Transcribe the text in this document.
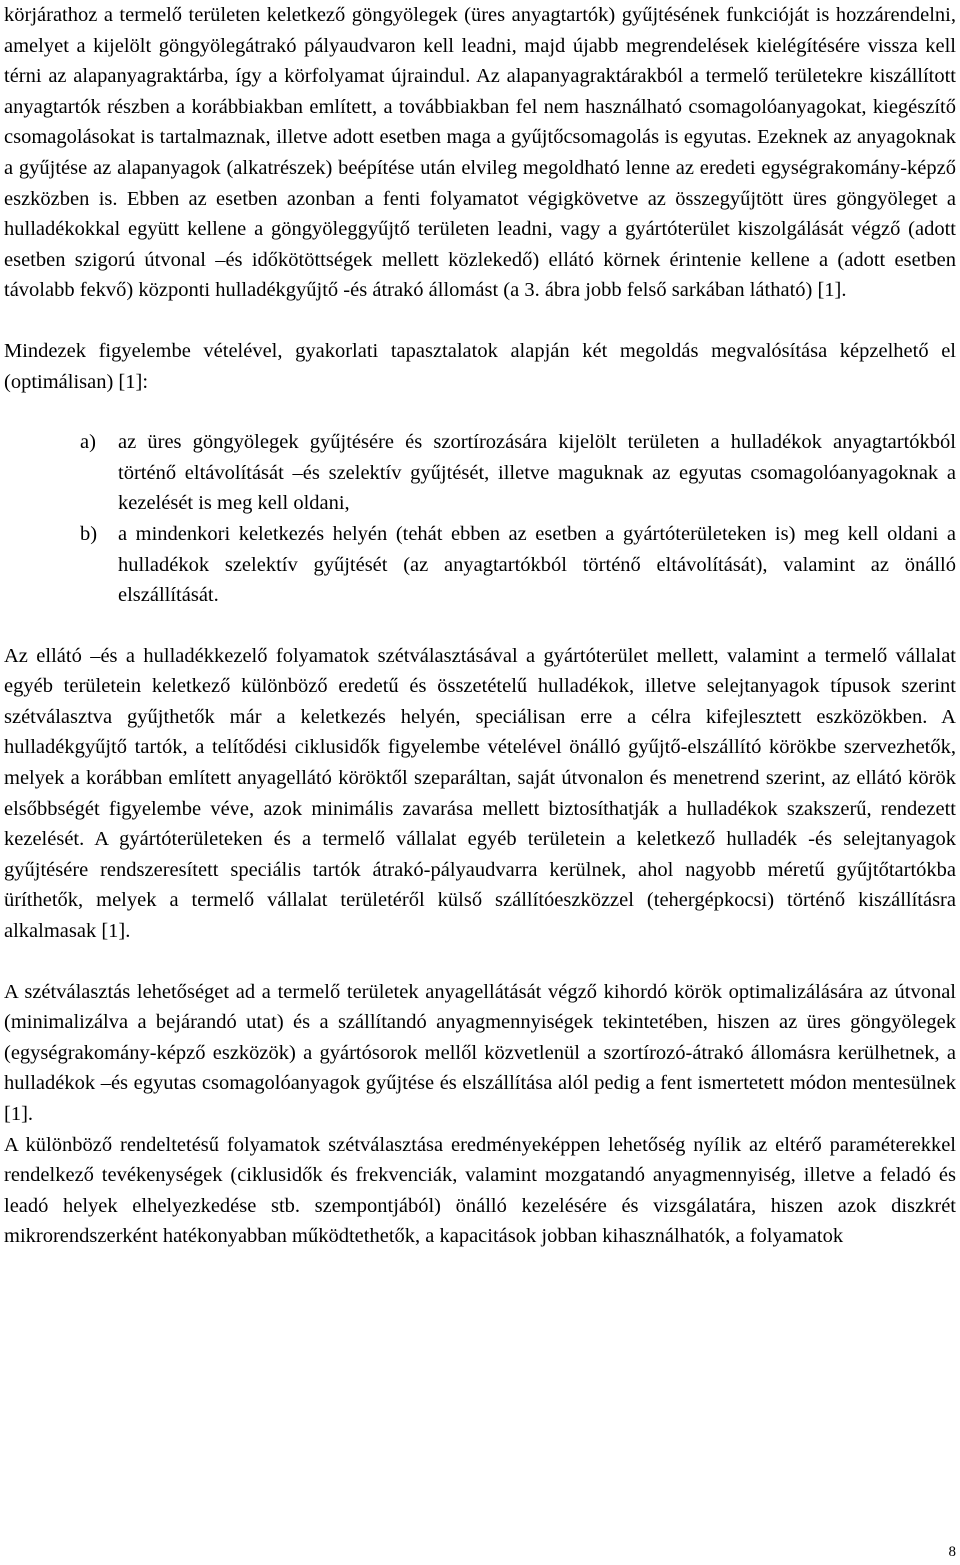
körjárathoz a termelő területen keletkező göngyölegek (üres anyagtartók) gyűjtésének funkcióját is hozzárendelni, amelyet a kijelölt göngyölegátrakó pályaudvaron kell leadni, majd újabb megrendelések kielégítésére vissza kell térni az alapanyagraktárba, így a körfolyamat újraindul. Az alapanyagraktárakból a termelő területekre kiszállított anyagtartók részben a korábbiakban említett, a továbbiakban fel nem használható csomagolóanyagokat, kiegészítő csomagolásokat is tartalmaznak, illetve adott esetben maga a gyűjtőcsomagolás is egyutas. Ezeknek az anyagoknak a gyűjtése az alapanyagok (alkatrészek) beépítése után elvileg megoldható lenne az eredeti egységrakomány-képző eszközben is. Ebben az esetben azonban a fenti folyamatot végigkövetve az összegyűjtött üres göngyöleget a hulladékokkal együtt kellene a göngyöleggyűjtő területen leadni, vagy a gyártóterület kiszolgálását végző (adott esetben szigorú útvonal –és időkötöttségek mellett közlekedő) ellátó körnek érintenie kellene a (adott esetben távolabb fekvő) központi hulladékgyűjtő -és átrakó állomást (a 3. ábra jobb felső sarkában látható) [1].

Mindezek figyelembe vételével, gyakorlati tapasztalatok alapján két megoldás megvalósítása képzelhető el (optimálisan) [1]:

a) az üres göngyölegek gyűjtésére és szortírozására kijelölt területen a hulladékok anyagtartókból történő eltávolítását –és szelektív gyűjtését, illetve maguknak az egyutas csomagolóanyagoknak a kezelését is meg kell oldani,
b) a mindenkori keletkezés helyén (tehát ebben az esetben a gyártóterületeken is) meg kell oldani a hulladékok szelektív gyűjtését (az anyagtartókból történő eltávolítását), valamint az önálló elszállítását.

Az ellátó –és a hulladékkezelő folyamatok szétválasztásával a gyártóterület mellett, valamint a termelő vállalat egyéb területein keletkező különböző eredetű és összetételű hulladékok, illetve selejtanyagok típusok szerint szétválasztva gyűjthetők már a keletkezés helyén, speciálisan erre a célra kifejlesztett eszközökben. A hulladékgyűjtő tartók, a telítődési ciklusidők figyelembe vételével önálló gyűjtő-elszállító körökbe szervezhetők, melyek a korábban említett anyagellátó köröktől szeparáltan, saját útvonalon és menetrend szerint, az ellátó körök elsőbbségét figyelembe véve, azok minimális zavarása mellett biztosíthatják a hulladékok szakszerű, rendezett kezelését. A gyártóterületeken és a termelő vállalat egyéb területein a keletkező hulladék -és selejtanyagok gyűjtésére rendszeresített speciális tartók átrakó-pályaudvarra kerülnek, ahol nagyobb méretű gyűjtőtartókba üríthetők, melyek a termelő vállalat területéről külső szállítóeszközzel (tehergépkocsi) történő kiszállításra alkalmasak [1].

A szétválasztás lehetőséget ad a termelő területek anyagellátását végző kihordó körök optimalizálására az útvonal (minimalizálva a bejárandó utat) és a szállítandó anyagmennyiségek tekintetében, hiszen az üres göngyölegek (egységrakomány-képző eszközök) a gyártósorok mellől közvetlenül a szortírozó-átrakó állomásra kerülhetnek, a hulladékok –és egyutas csomagolóanyagok gyűjtése és elszállítása alól pedig a fent ismertetett módon mentesülnek [1].

A különböző rendeltetésű folyamatok szétválasztása eredményeképpen lehetőség nyílik az eltérő paraméterekkel rendelkező tevékenységek (ciklusidők és frekvenciák, valamint mozgatandó anyagmennyiség, illetve a feladó és leadó helyek elhelyezkedése stb. szempontjából) önálló kezelésére és vizsgálatára, hiszen azok diszkrét mikrorendszerként hatékonyabban működtethetők, a kapacitások jobban kihasználhatók, a folyamatok

8
